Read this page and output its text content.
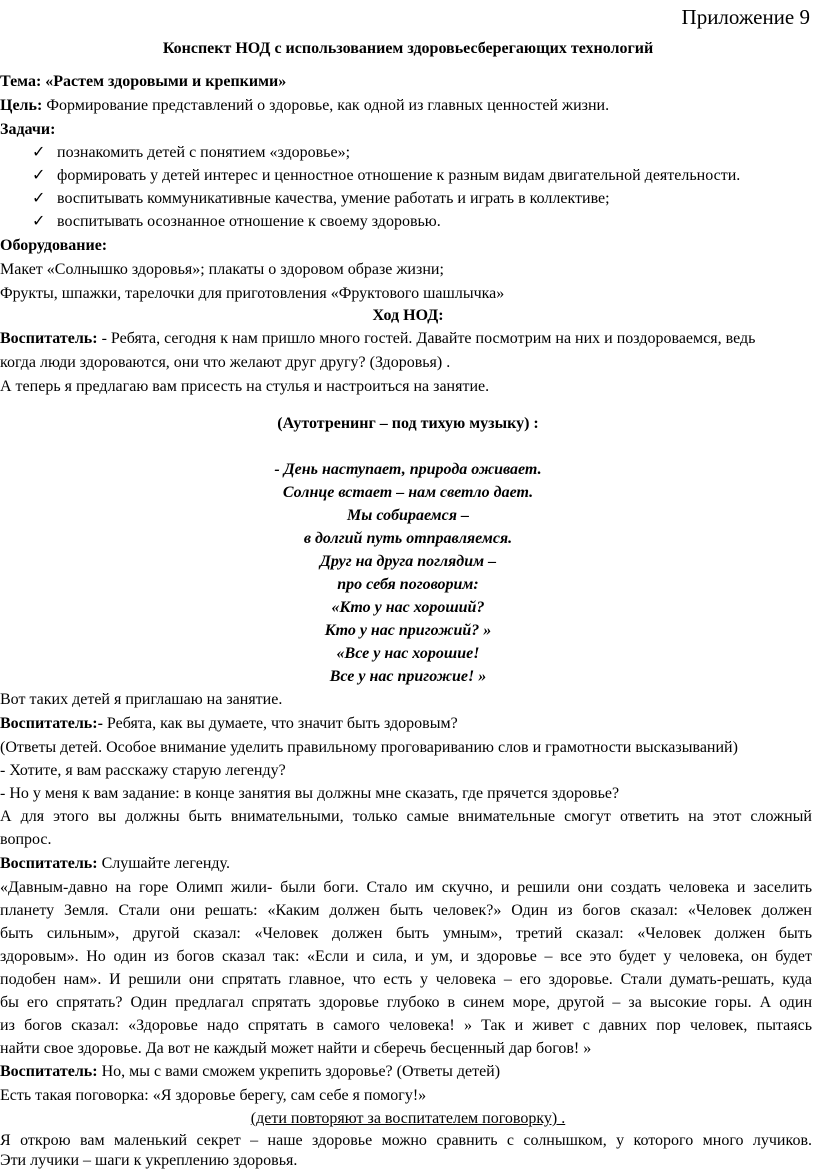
Приложение 9
Конспект НОД с использованием здоровьесберегающих технологий
Тема: «Растем здоровыми и крепкими»
Цель: Формирование представлений о здоровье, как одной из главных ценностей жизни.
Задачи:
✓ познакомить детей с понятием «здоровье»;
✓ формировать у детей интерес и ценностное отношение к разным видам двигательной деятельности.
✓ воспитывать коммуникативные качества, умение работать и играть в коллективе;
✓ воспитывать осознанное отношение к своему здоровью.
Оборудование:
Макет «Солнышко здоровья»; плакаты о здоровом образе жизни;
Фрукты, шпажки, тарелочки для приготовления «Фруктового шашлычка»
Ход НОД:
Воспитатель: - Ребята, сегодня к нам пришло много гостей. Давайте посмотрим на них и поздороваемся, ведь
когда люди здороваются, они что желают друг другу? (Здоровья) .
А теперь я предлагаю вам присесть на стулья и настроиться на занятие.
(Аутотренинг – под тихую музыку) :
- День наступает, природа оживает.
Солнце встает – нам светло дает.
Мы собираемся –
в долгий путь отправляемся.
Друг на друга поглядим –
про себя поговорим:
«Кто у нас хороший?
Кто у нас пригожий? »
«Все у нас хорошие!
Все у нас пригожие! »
Вот таких детей я приглашаю на занятие.
Воспитатель:- Ребята, как вы думаете, что значит быть здоровым?
(Ответы детей. Особое внимание уделить правильному проговариванию слов и грамотности высказываний)
- Хотите, я вам расскажу старую легенду?
- Но у меня к вам задание: в конце занятия вы должны мне сказать, где прячется здоровье?
А для этого вы должны быть внимательными, только самые внимательные смогут ответить на этот сложный
вопрос.
Воспитатель: Слушайте легенду.
«Давным-давно на горе Олимп жили- были боги. Стало им скучно, и решили они создать человека и заселить
планету Земля. Стали они решать: «Каким должен быть человек?» Один из богов сказал: «Человек должен
быть сильным», другой сказал: «Человек должен быть умным», третий сказал: «Человек должен быть
здоровым». Но один из богов сказал так: «Если и сила, и ум, и здоровье – все это будет у человека, он будет
подобен нам». И решили они спрятать главное, что есть у человека – его здоровье. Стали думать-решать, куда
бы его спрятать? Один предлагал спрятать здоровье глубоко в синем море, другой – за высокие горы. А один
из богов сказал: «Здоровье надо спрятать в самого человека! » Так и живет с давних пор человек, пытаясь
найти свое здоровье. Да вот не каждый может найти и сберечь бесценный дар богов! »
Воспитатель: Но, мы с вами сможем укрепить здоровье? (Ответы детей)
Есть такая поговорка: «Я здоровье берегу, сам себе я помогу!»
(дети повторяют за воспитателем поговорку) .
Я открою вам маленький секрет – наше здоровье можно сравнить с солнышком, у которого много лучиков.
Эти лучики – шаги к укреплению здоровья.
